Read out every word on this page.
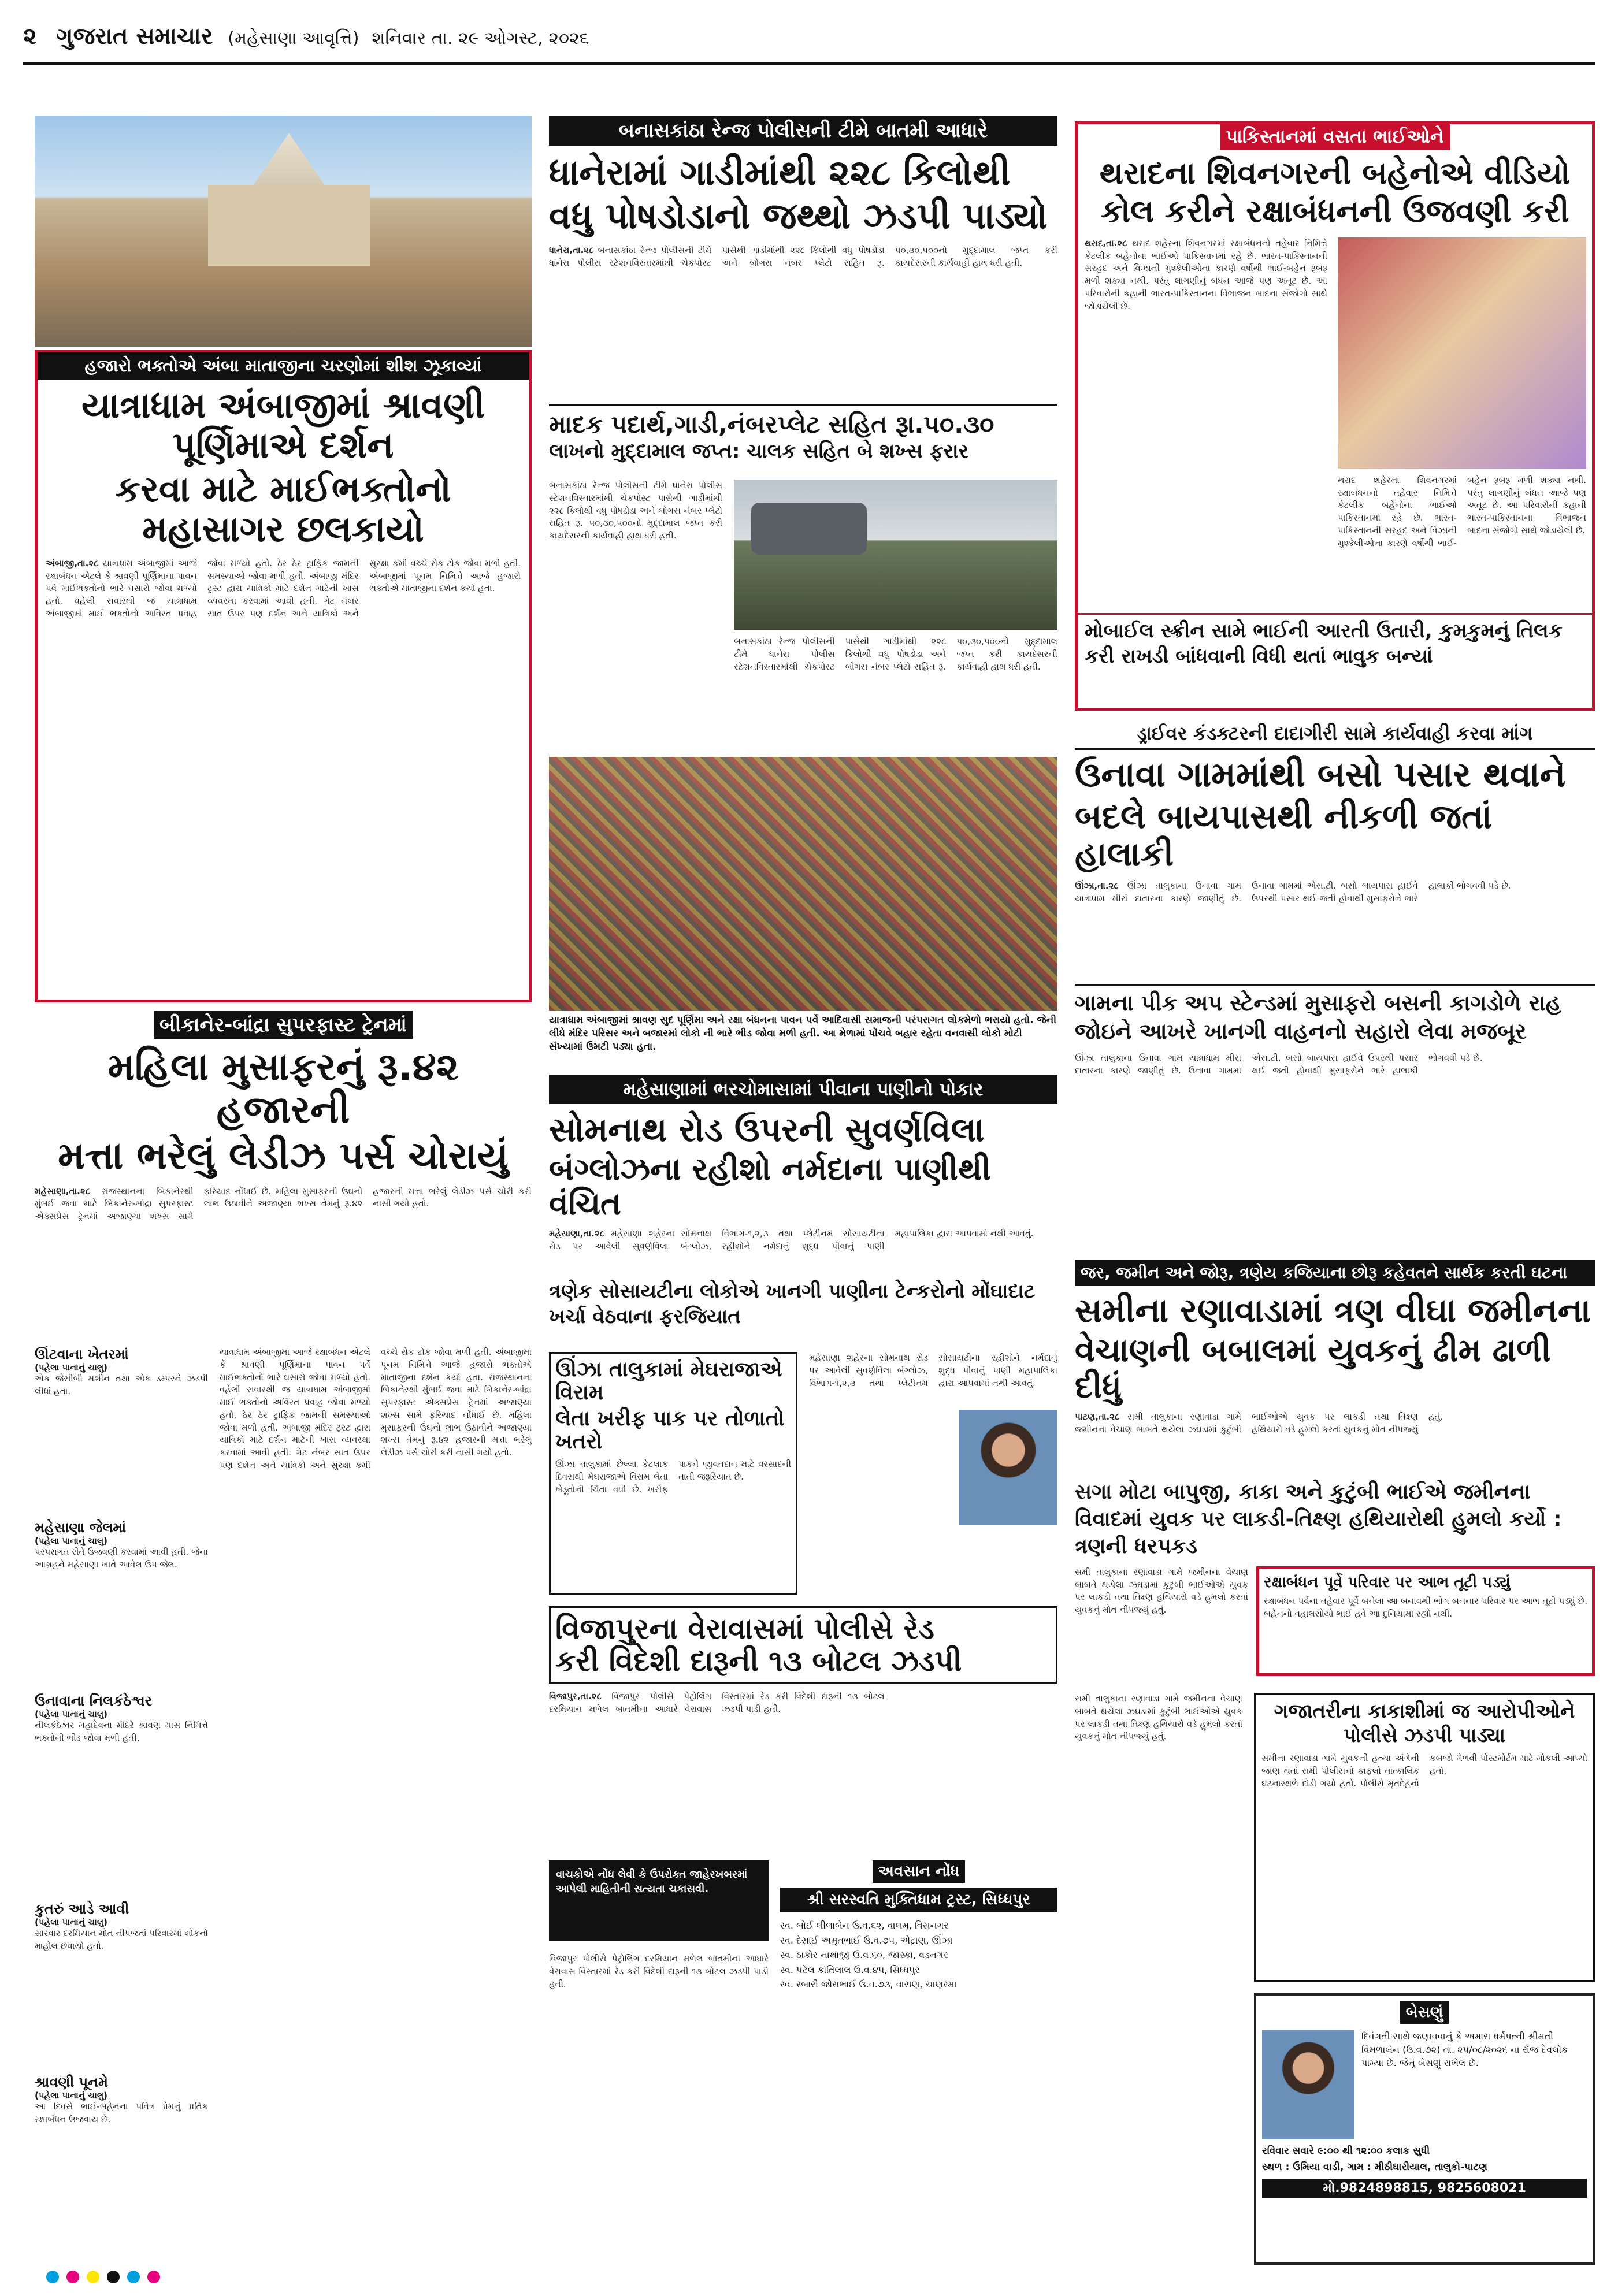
૨ ગુજરાત સમાચાર (મહેસાણા આવૃત્તિ) શનિવાર તા. ૨૯ ઓગસ્ટ, ૨૦૨૬
હજારો ભક્તોએ અંબા માતાજીના ચરણોમાં શીશ ઝૂકાવ્યાં
યાત્રાધામ અંબાજીમાં શ્રાવણી પૂર્ણિમાએ દર્શન
કરવા માટે માઈભક્તોનો મહાસાગર છલકાયો
અંબાજી,તા.૨૮ યાત્રાધામ અંબાજીમાં આજે રક્ષાબંધન એટલે કે શ્રાવણી પૂર્ણિમાના પાવન પર્વે માઈભક્તોનો ભારે ઘસારો જોવા મળ્યો હતો. વહેલી સવારથી જ યાત્રાધામ અંબાજીમાં માઈ ભક્તોનો અવિરત પ્રવાહ જોવા મળ્યો હતો. ઠેર ઠેર ટ્રાફિક જામની સમસ્યાઓ જોવા મળી હતી. અંબાજી મંદિર ટ્રસ્ટ દ્વારા યાત્રિકો માટે દર્શન માટેની ખાસ વ્યવસ્થા કરવામાં આવી હતી. ગેટ નંબર સાત ઉપર પણ દર્શન અને યાત્રિકો અને સુરક્ષા કર્મી વચ્ચે રોક ટોક જોવા મળી હતી. અંબાજીમાં પૂનમ નિમિત્તે આજે હજારો ભક્તોએ માતાજીના દર્શન કર્યા હતા.
બીકાનેર-બાંદ્રા સુપરફાસ્ટ ટ્રેનમાં
મહિલા મુસાફરનું રૂ.૪૨ હજારની
મત્તા ભરેલું લેડીઝ પર્સ ચોરાયું
મહેસાણા,તા.૨૮ રાજસ્થાનના બિકાનેરથી મુંબઈ જવા માટે બિકાનેર-બાંદ્રા સુપરફાસ્ટ એક્સપ્રેસ ટ્રેનમાં અજાણ્યા શખ્સ સામે ફરિયાદ નોંધાઈ છે. મહિલા મુસાફરની ઉંઘનો લાભ ઉઠાવીને અજાણ્યા શખ્સ તેમનું રૂ.૪૨ હજારની મત્તા ભરેલું લેડીઝ પર્સ ચોરી કરી નાસી ગયો હતો.
ઊંટવાના ખેતરમાં
(પહેલા પાનાનું ચાલુ)
એક જેસીબી મશીન તથા એક ડમ્પરને ઝડપી લીધાં હતા.
મહેસાણા જેલમાં
(પહેલા પાનાનું ચાલુ)
પરંપરાગત રીતે ઉજવણી કરવામાં આવી હતી. જેના આગ્રહને મહેસાણા ખાતે આવેલ ઉપ જેલ.
ઉનાવાના નિલકંઠેશ્વર
(પહેલા પાનાનું ચાલુ)
નીલકંઠેશ્વર મહાદેવના મંદિરે શ્રાવણ માસ નિમિત્તે ભક્તોની ભીડ જોવા મળી હતી.
કુતરું આડે આવી
(પહેલા પાનાનું ચાલુ)
સારવાર દરમિયાન મોત નીપજતાં પરિવારમાં શોકનો માહોલ છવાયો હતો.
શ્રાવણી પૂનમે
(પહેલા પાનાનું ચાલુ)
આ દિવસે ભાઈ-બહેનના પવિત્ર પ્રેમનું પ્રતિક રક્ષાબંધન ઉજવાય છે.
યાત્રાધામ અંબાજીમાં આજે રક્ષાબંધન એટલે કે શ્રાવણી પૂર્ણિમાના પાવન પર્વે માઈભક્તોનો ભારે ઘસારો જોવા મળ્યો હતો. વહેલી સવારથી જ યાત્રાધામ અંબાજીમાં માઈ ભક્તોનો અવિરત પ્રવાહ જોવા મળ્યો હતો. ઠેર ઠેર ટ્રાફિક જામની સમસ્યાઓ જોવા મળી હતી. અંબાજી મંદિર ટ્રસ્ટ દ્વારા યાત્રિકો માટે દર્શન માટેની ખાસ વ્યવસ્થા કરવામાં આવી હતી. ગેટ નંબર સાત ઉપર પણ દર્શન અને યાત્રિકો અને સુરક્ષા કર્મી વચ્ચે રોક ટોક જોવા મળી હતી. અંબાજીમાં પૂનમ નિમિત્તે આજે હજારો ભક્તોએ માતાજીના દર્શન કર્યા હતા. રાજસ્થાનના બિકાનેરથી મુંબઈ જવા માટે બિકાનેર-બાંદ્રા સુપરફાસ્ટ એક્સપ્રેસ ટ્રેનમાં અજાણ્યા શખ્સ સામે ફરિયાદ નોંધાઈ છે. મહિલા મુસાફરની ઉંઘનો લાભ ઉઠાવીને અજાણ્યા શખ્સ તેમનું રૂ.૪૨ હજારની મત્તા ભરેલું લેડીઝ પર્સ ચોરી કરી નાસી ગયો હતો.
બનાસકાંઠા રેન્જ પોલીસની ટીમે બાતમી આધારે
ધાનેરામાં ગાડીમાંથી ૨૨૮ કિલોથી
વધુ પોષડોડાનો જથ્થો ઝડપી પાડ્યો
ધાનેરા,તા.૨૮ બનાસકાંઠા રેન્જ પોલીસની ટીમે ધાનેરા પોલીસ સ્ટેશનવિસ્તારમાંથી ચેકપોસ્ટ પાસેથી ગાડીમાંથી ૨૨૮ કિલોથી વધુ પોષડોડા અને બોગસ નંબર પ્લેટો સહિત રૂ. ૫૦,૩૦,૫૦૦નો મુદ્દામાલ જપ્ત કરી કાયદેસરની કાર્યવાહી હાથ ધરી હતી.
માદક પદાર્થ,ગાડી,નંબરપ્લેટ સહિત રૂા.૫૦.૩૦
લાખનો મુદ્દામાલ જપ્ત: ચાલક સહિત બે શખ્સ ફરાર
બનાસકાંઠા રેન્જ પોલીસની ટીમે ધાનેરા પોલીસ સ્ટેશનવિસ્તારમાંથી ચેકપોસ્ટ પાસેથી ગાડીમાંથી ૨૨૮ કિલોથી વધુ પોષડોડા અને બોગસ નંબર પ્લેટો સહિત રૂ. ૫૦,૩૦,૫૦૦નો મુદ્દામાલ જપ્ત કરી કાયદેસરની કાર્યવાહી હાથ ધરી હતી.
બનાસકાંઠા રેન્જ પોલીસની ટીમે ધાનેરા પોલીસ સ્ટેશનવિસ્તારમાંથી ચેકપોસ્ટ પાસેથી ગાડીમાંથી ૨૨૮ કિલોથી વધુ પોષડોડા અને બોગસ નંબર પ્લેટો સહિત રૂ. ૫૦,૩૦,૫૦૦નો મુદ્દામાલ જપ્ત કરી કાયદેસરની કાર્યવાહી હાથ ધરી હતી.
યાત્રાધામ અંબાજીમાં શ્રાવણ સુદ પૂર્ણિમા અને રક્ષા બંધનના પાવન પર્વે આદિવાસી સમાજની પરંપરાગત લોકમેળો ભરાયો હતો. જેની લીધે મંદિર પરિસર અને બજારમાં લોકો ની ભારે ભીડ જોવા મળી હતી. આ મેળામાં પોંચવે બહાર રહેતા વનવાસી લોકો મોટી સંખ્યામાં ઉમટી પડ્યા હતા.
મહેસાણામાં ભરચોમાસામાં પીવાના પાણીનો પોકાર
સોમનાથ રોડ ઉપરની સુવર્ણવિલા
બંગ્લોઝના રહીશો નર્મદાના પાણીથી વંચિત
મહેસાણા,તા.૨૮ મહેસાણા શહેરના સોમનાથ રોડ પર આવેલી સુવર્ણવિલા બંગ્લોઝ, વિભાગ-૧,૨,૩ તથા પ્લેટીનમ સોસાયટીના રહીશોને નર્મદાનું શુદ્ધ પીવાનું પાણી મહાપાલિકા દ્વારા આપવામાં નથી આવતું.
ત્રણેક સોસાયટીના લોકોએ ખાનગી પાણીના ટેન્કરોનો મોંઘાદાટ ખર્ચા વેઠવાના ફરજિયાત
ઊંઝા તાલુકામાં મેઘરાજાએ વિરામ
લેતા ખરીફ પાક પર તોળાતો ખતરો
ઊંઝા તાલુકામાં છેલ્લા કેટલાક દિવસથી મેઘરાજાએ વિરામ લેતા ખેડૂતોની ચિંતા વધી છે. ખરીફ પાકને જીવતદાન માટે વરસાદની તાતી જરૂરિયાત છે.
મહેસાણા શહેરના સોમનાથ રોડ પર આવેલી સુવર્ણવિલા બંગ્લોઝ, વિભાગ-૧,૨,૩ તથા પ્લેટીનમ સોસાયટીના રહીશોને નર્મદાનું શુદ્ધ પીવાનું પાણી મહાપાલિકા દ્વારા આપવામાં નથી આવતું.
વિજાપુરના વેરાવાસમાં પોલીસે રેડ
કરી વિદેશી દારૂની ૧૩ બોટલ ઝડપી
વિજાપુર,તા.૨૮ વિજાપુર પોલીસે પેટ્રોલિંગ દરમિયાન મળેલ બાતમીના આધારે વેરાવાસ વિસ્તારમાં રેડ કરી વિદેશી દારૂની ૧૩ બોટલ ઝડપી પાડી હતી.
વાચકોએ નોંધ લેવી કે ઉપરોક્ત જાહેરખબરમાં આપેલી માહિતીની સત્યતા ચકાસવી.
અવસાન નોંધ
શ્રી સરસ્વતિ મુક્તિધામ ટ્રસ્ટ, સિધ્ધપુર
સ્વ. બોઈ લીલાબેન ઉ.વ.૬૨, વાલમ, વિસનગર
સ્વ. દેસાઈ અમૃતભાઈ ઉ.વ.૭૫, એદ્રાણ, ઊંઝા
સ્વ. ઠાકોર નાથાજી ઉ.વ.૬૦, જાસ્કા, વડનગર
સ્વ. પટેલ કાંતિલાલ ઉ.વ.૪૫, સિધ્ધપુર
સ્વ. રબારી જોરાભાઈ ઉ.વ.૭૩, વાસણ, ચાણસ્મા
વિજાપુર પોલીસે પેટ્રોલિંગ દરમિયાન મળેલ બાતમીના આધારે વેરાવાસ વિસ્તારમાં રેડ કરી વિદેશી દારૂની ૧૩ બોટલ ઝડપી પાડી હતી.
પાકિસ્તાનમાં વસતા ભાઈઓને
થરાદના શિવનગરની બહેનોએ વીડિયો
કોલ કરીને રક્ષાબંધનની ઉજવણી કરી
થરાદ,તા.૨૮ થરાદ શહેરના શિવનગરમાં રક્ષાબંધનનો તહેવાર નિમિત્તે કેટલીક બહેનોના ભાઈઓ પાકિસ્તાનમાં રહે છે. ભારત-પાકિસ્તાનની સરહદ અને વિઝાની મુશ્કેલીઓના કારણે વર્ષોથી ભાઈ-બહેન રૂબરૂ મળી શક્યા નથી. પરંતુ લાગણીનું બંધન આજે પણ અતૂટ છે. આ પરિવારોની કહાની ભારત-પાકિસ્તાનના વિભાજન બાદના સંજોગો સાથે જોડાયેલી છે.
થરાદ શહેરના શિવનગરમાં રક્ષાબંધનનો તહેવાર નિમિત્તે કેટલીક બહેનોના ભાઈઓ પાકિસ્તાનમાં રહે છે. ભારત-પાકિસ્તાનની સરહદ અને વિઝાની મુશ્કેલીઓના કારણે વર્ષોથી ભાઈ-બહેન રૂબરૂ મળી શક્યા નથી. પરંતુ લાગણીનું બંધન આજે પણ અતૂટ છે. આ પરિવારોની કહાની ભારત-પાકિસ્તાનના વિભાજન બાદના સંજોગો સાથે જોડાયેલી છે.
મોબાઈલ સ્ક્રીન સામે ભાઈની આરતી ઉતારી, કુમકુમનું તિલક કરી રાખડી બાંધવાની વિધી થતાં ભાવુક બન્યાં
ડ્રાઈવર કંડક્ટરની દાદાગીરી સામે કાર્યવાહી કરવા માંગ
ઉનાવા ગામમાંથી બસો પસાર થવાને
બદલે બાયપાસથી નીકળી જતાં હાલાકી
ઊંઝા,તા.૨૮ ઊંઝા તાલુકાના ઉનાવા ગામ યાત્રાધામ મીરાં દાતારના કારણે જાણીતું છે. ઉનાવા ગામમાં એસ.ટી. બસો બાયપાસ હાઈવે ઉપરથી પસાર થઈ જતી હોવાથી મુસાફરોને ભારે હાલાકી ભોગવવી પડે છે.
ગામના પીક અપ સ્ટેન્ડમાં મુસાફરો બસની કાગડોળે રાહ જોઇને આખરે ખાનગી વાહનનો સહારો લેવા મજબૂર
ઊંઝા તાલુકાના ઉનાવા ગામ યાત્રાધામ મીરાં દાતારના કારણે જાણીતું છે. ઉનાવા ગામમાં એસ.ટી. બસો બાયપાસ હાઈવે ઉપરથી પસાર થઈ જતી હોવાથી મુસાફરોને ભારે હાલાકી ભોગવવી પડે છે.
જર, જમીન અને જોરૂ, ત્રણેય કજિયાના છોરૂ કહેવતને સાર્થક કરતી ઘટના
સમીના રણાવાડામાં ત્રણ વીઘા જમીનના
વેચાણની બબાલમાં યુવકનું ઢીમ ઢાળી દીધું
પાટણ,તા.૨૮ સમી તાલુકાના રણાવાડા ગામે જમીનના વેચાણ બાબતે થયેલા ઝઘડામાં કુટુંબી ભાઈઓએ યુવક પર લાકડી તથા તિક્ષ્ણ હથિયારો વડે હુમલો કરતાં યુવકનું મોત નીપજ્યું હતું.
સગા મોટા બાપુજી, કાકા અને કુટુંબી ભાઈએ જમીનના વિવાદમાં યુવક પર લાકડી-તિક્ષ્ણ હથિયારોથી હુમલો કર્યો : ત્રણની ધરપકડ
સમી તાલુકાના રણાવાડા ગામે જમીનના વેચાણ બાબતે થયેલા ઝઘડામાં કુટુંબી ભાઈઓએ યુવક પર લાકડી તથા તિક્ષ્ણ હથિયારો વડે હુમલો કરતાં યુવકનું મોત નીપજ્યું હતું.
રક્ષાબંધન પૂર્વે પરિવાર પર આભ તૂટી પડ્યું
રક્ષાબંધન પર્વના તહેવાર પૂર્વે બનેલા આ બનાવથી ભોગ બનનાર પરિવાર પર આભ તૂટી પડ્યું છે. બહેનનો વહાલસોયો ભાઈ હવે આ દુનિયામાં રહ્યો નથી.
ગજાતરીના કાકાશીમાં જ આરોપીઓને
પોલીસે ઝડપી પાડ્યા
સમીના રણાવાડા ગામે યુવકની હત્યા અંગેની જાણ થતાં સમી પોલીસનો કાફલો તાત્કાલિક ઘટનાસ્થળે દોડી ગયો હતો. પોલીસે મૃતદેહનો કબજો મેળવી પોસ્ટમોર્ટમ માટે મોકલી આપ્યો હતો.
સમી તાલુકાના રણાવાડા ગામે જમીનના વેચાણ બાબતે થયેલા ઝઘડામાં કુટુંબી ભાઈઓએ યુવક પર લાકડી તથા તિક્ષ્ણ હથિયારો વડે હુમલો કરતાં યુવકનું મોત નીપજ્યું હતું.
બેસણું
દિવંગતી સાથે જણાવવાનું કે અમારા ધર્મપત્ની શ્રીમતી વિમળાબેન (ઉ.વ.૭૨) તા. ૨૫/૦૮/૨૦૨૬ ના રોજ દેવલોક પામ્યા છે. જેનું બેસણું રાખેલ છે.
રવિવાર સવારે ૯:૦૦ થી ૧૨:૦૦ કલાક સુધી
સ્થળ : ઉમિયા વાડી, ગામ : મીઠીઘારીયાલ, તાલુકો-પાટણ
મો.9824898815, 9825608021
